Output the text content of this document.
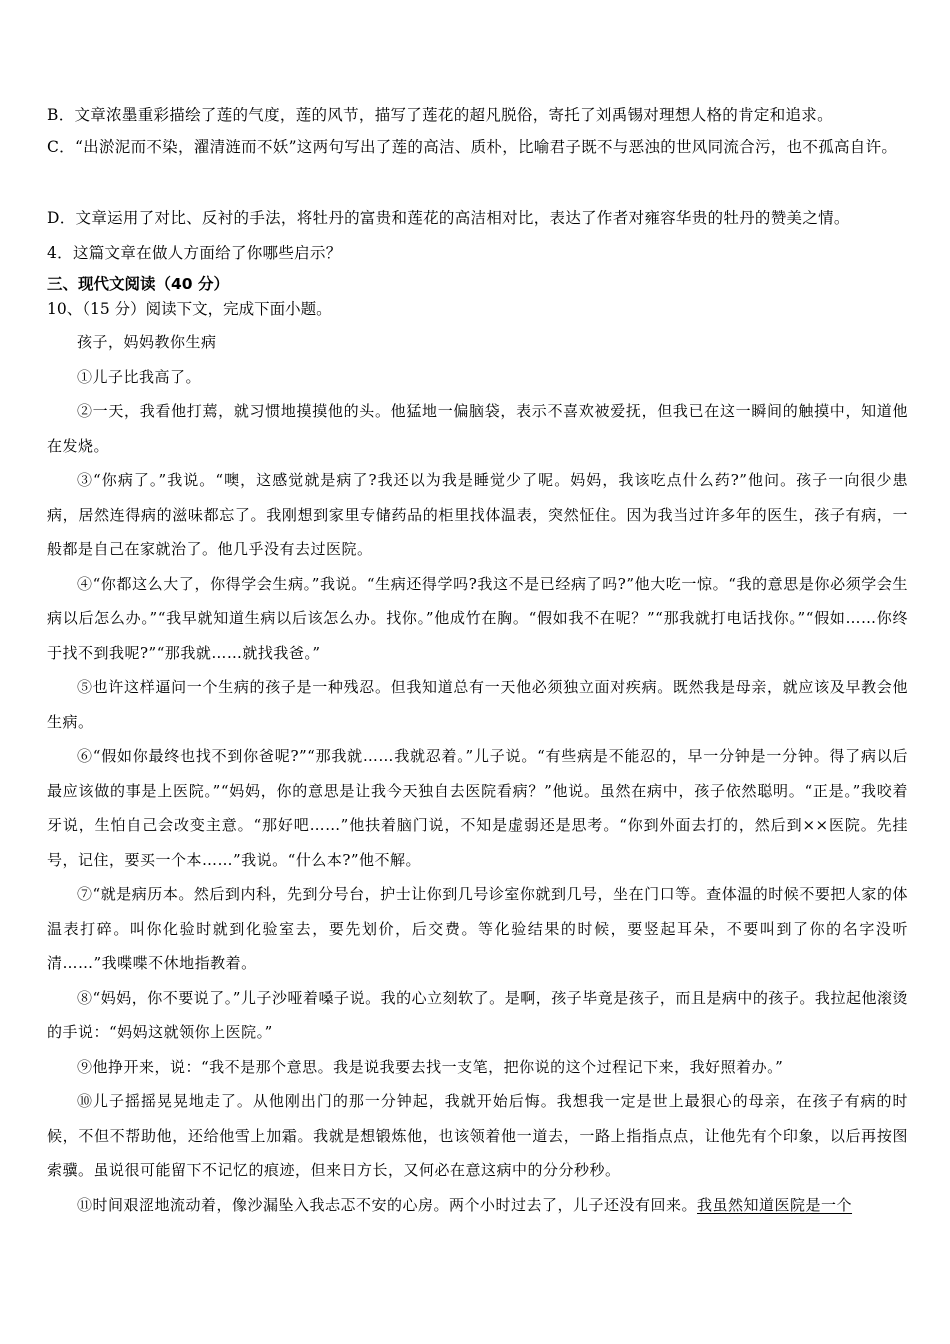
B．文章浓墨重彩描绘了莲的气度，莲的风节，描写了莲花的超凡脱俗，寄托了刘禹锡对理想人格的肯定和追求。
C．“出淤泥而不染，濯清涟而不妖”这两句写出了莲的高洁、质朴，比喻君子既不与恶浊的世风同流合污，也不孤高自许。
D．文章运用了对比、反衬的手法，将牡丹的富贵和莲花的高洁相对比，表达了作者对雍容华贵的牡丹的赞美之情。
4．这篇文章在做人方面给了你哪些启示？
三、现代文阅读（40 分）
10、（15 分）阅读下文，完成下面小题。

孩子，妈妈教你生病

①儿子比我高了。

②一天，我看他打蔫，就习惯地摸摸他的头。他猛地一偏脑袋，表示不喜欢被爱抚，但我已在这一瞬间的触摸中，知道他在发烧。

③“你病了。”我说。“噢，这感觉就是病了?我还以为我是睡觉少了呢。妈妈，我该吃点什么药?”他问。孩子一向很少患病，居然连得病的滋味都忘了。我刚想到家里专储药品的柜里找体温表，突然怔住。因为我当过许多年的医生，孩子有病，一般都是自己在家就治了。他几乎没有去过医院。

④“你都这么大了，你得学会生病。”我说。“生病还得学吗?我这不是已经病了吗?”他大吃一惊。“我的意思是你必须学会生病以后怎么办。”“我早就知道生病以后该怎么办。找你。”他成竹在胸。“假如我不在呢？”“那我就打电话找你。”“假如……你终于找不到我呢?”“那我就……就找我爸。”

⑤也许这样逼问一个生病的孩子是一种残忍。但我知道总有一天他必须独立面对疾病。既然我是母亲，就应该及早教会他生病。

⑥“假如你最终也找不到你爸呢?”“那我就……我就忍着。”儿子说。“有些病是不能忍的，早一分钟是一分钟。得了病以后最应该做的事是上医院。”“妈妈，你的意思是让我今天独自去医院看病？”他说。虽然在病中，孩子依然聪明。“正是。”我咬着牙说，生怕自己会改变主意。“那好吧……”他扶着脑门说，不知是虚弱还是思考。“你到外面去打的，然后到××医院。先挂号，记住，要买一个本……”我说。“什么本?”他不解。

⑦“就是病历本。然后到内科，先到分号台，护士让你到几号诊室你就到几号，坐在门口等。查体温的时候不要把人家的体温表打碎。叫你化验时就到化验室去，要先划价，后交费。等化验结果的时候，要竖起耳朵，不要叫到了你的名字没听清……”我喋喋不休地指教着。

⑧“妈妈，你不要说了。”儿子沙哑着嗓子说。我的心立刻软了。是啊，孩子毕竟是孩子，而且是病中的孩子。我拉起他滚烫的手说：“妈妈这就领你上医院。”

⑨他挣开来，说：“我不是那个意思。我是说我要去找一支笔，把你说的这个过程记下来，我好照着办。”

⑩儿子摇摇晃晃地走了。从他刚出门的那一分钟起，我就开始后悔。我想我一定是世上最狠心的母亲，在孩子有病的时候，不但不帮助他，还给他雪上加霜。我就是想锻炼他，也该领着他一道去，一路上指指点点，让他先有个印象，以后再按图索骥。虽说很可能留下不记忆的痕迹，但来日方长，又何必在意这病中的分分秒秒。

⑪时间艰涩地流动着，像沙漏坠入我忐忑不安的心房。两个小时过去了，儿子还没有回来。我虽然知道医院是一个
